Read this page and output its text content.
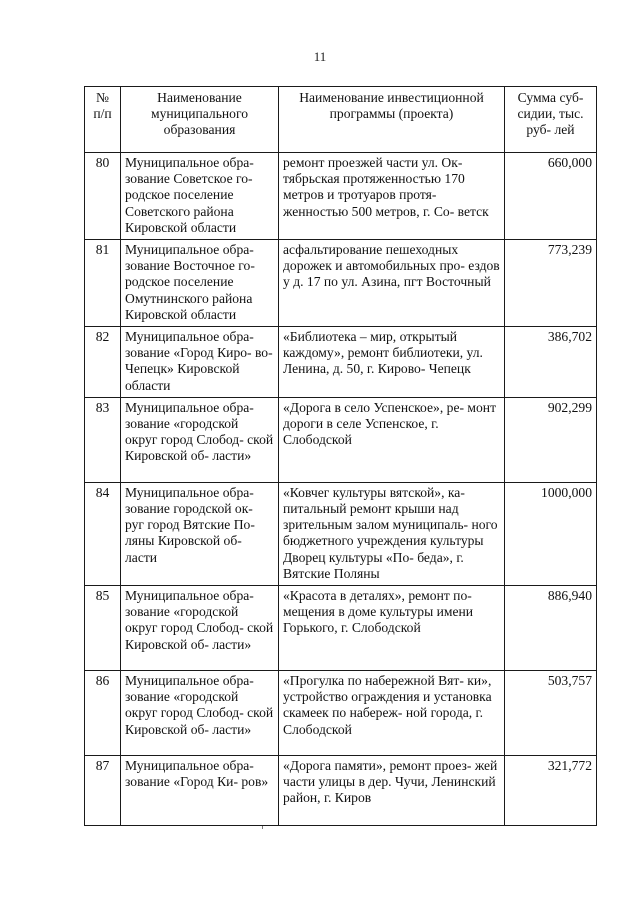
11
№ п/п	Наименование муниципального образования	Наименование инвестиционной программы (проекта)	Сумма суб- сидии, тыс. руб- лей
80	Муниципальное обра- зование Советское го- родское поселение Советского района Кировской области	ремонт проезжей части ул. Ок- тябрьская протяженностью 170 метров и тротуаров протя- женностью 500 метров, г. Со- ветск	660,000
81	Муниципальное обра- зование Восточное го- родское поселение Омутнинского района Кировской области	асфальтирование пешеходных дорожек и автомобильных про- ездов у д. 17 по ул. Азина, пгт Восточный	773,239
82	Муниципальное обра- зование «Город Киро- во-Чепецк» Кировской области	«Библиотека – мир, открытый каждому», ремонт библиотеки, ул. Ленина, д. 50, г. Кирово- Чепецк	386,702
83	Муниципальное обра- зование «городской округ город Слобод- ской Кировской об- ласти»	«Дорога в село Успенское», ре- монт дороги в селе Успенское, г. Слободской	902,299
84	Муниципальное обра- зование городской ок- руг город Вятские По- ляны Кировской об- ласти	«Ковчег культуры вятской», ка- питальный ремонт крыши над зрительным залом муниципаль- ного бюджетного учреждения культуры Дворец культуры «По- беда», г. Вятские Поляны	1000,000
85	Муниципальное обра- зование «городской округ город Слобод- ской Кировской об- ласти»	«Красота в деталях», ремонт по- мещения в доме культуры имени Горького, г. Слободской	886,940
86	Муниципальное обра- зование «городской округ город Слобод- ской Кировской об- ласти»	«Прогулка по набережной Вят- ки», устройство ограждения и установка скамеек по набереж- ной города, г. Слободской	503,757
87	Муниципальное обра- зование «Город Ки- ров»	«Дорога памяти», ремонт проез- жей части улицы в дер. Чучи, Ленинский район, г. Киров	321,772
